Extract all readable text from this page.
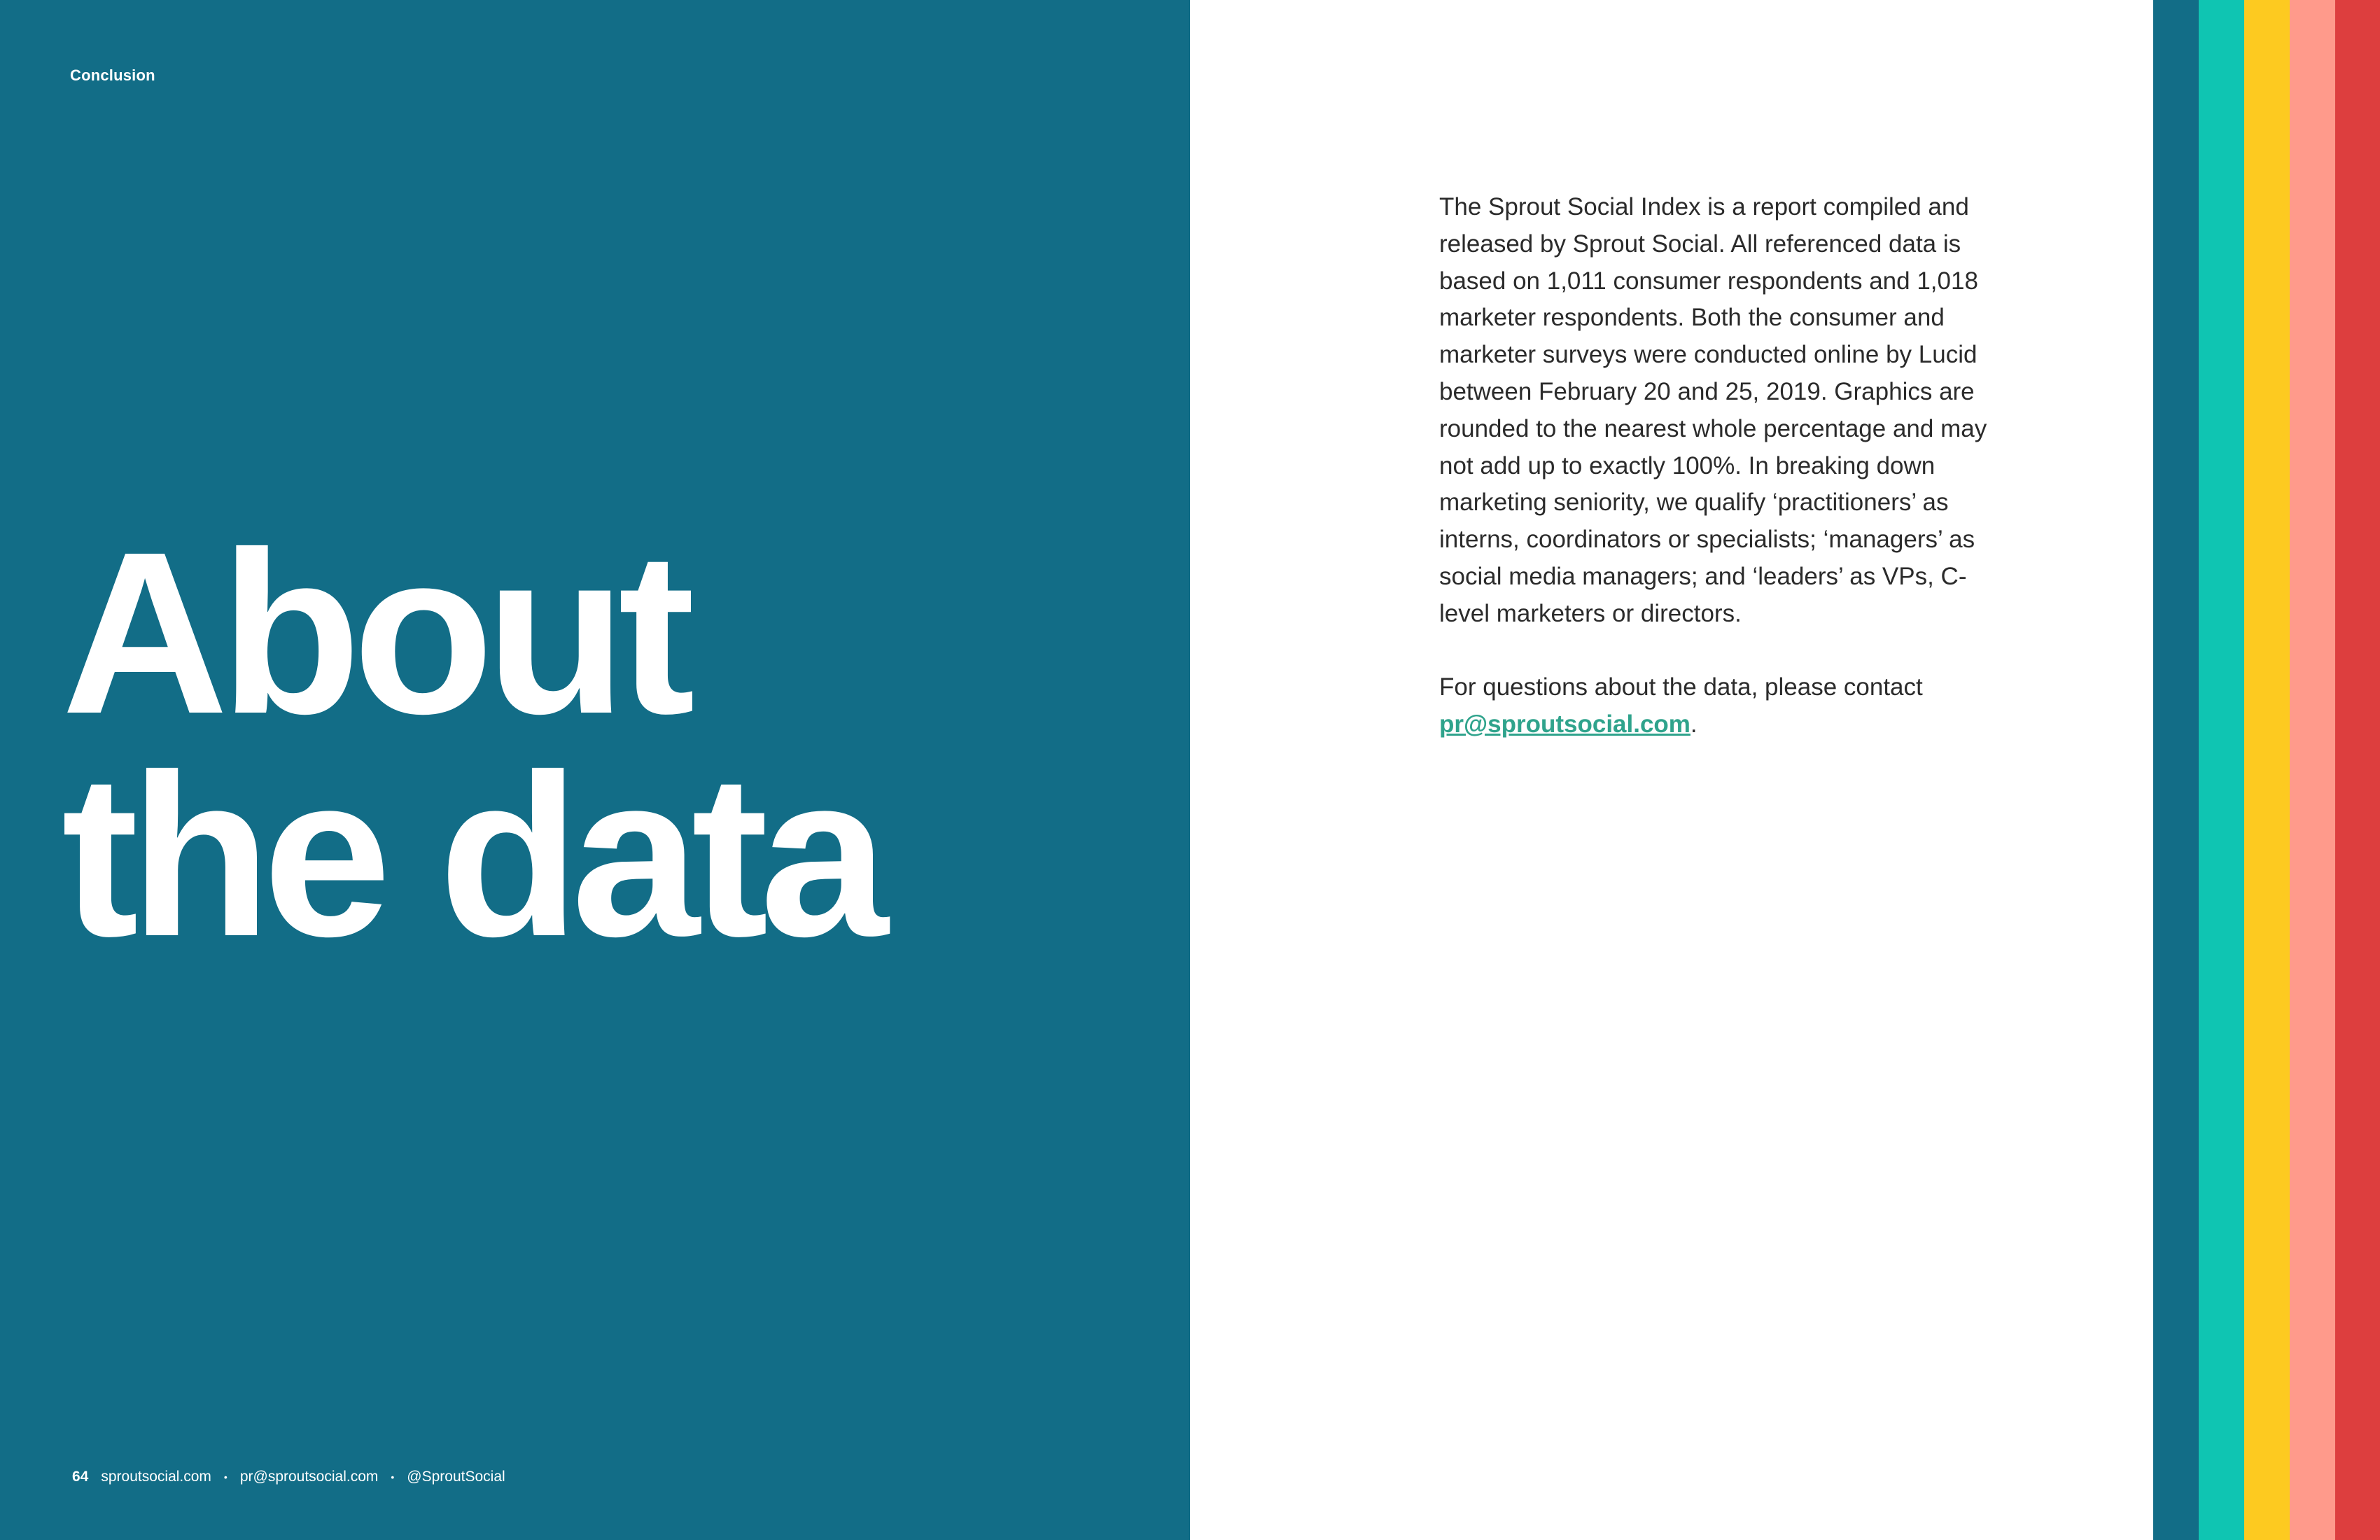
Conclusion
About
the data
64 sproutsocial.com • pr@sproutsocial.com • @SproutSocial

The Sprout Social Index is a report compiled and released by Sprout Social. All referenced data is based on 1,011 consumer respondents and 1,018 marketer respondents. Both the consumer and marketer surveys were conducted online by Lucid between February 20 and 25, 2019. Graphics are rounded to the nearest whole percentage and may not add up to exactly 100%. In breaking down marketing seniority, we qualify ‘practitioners’ as interns, coordinators or specialists; ‘managers’ as social media managers; and ‘leaders’ as VPs, C-level marketers or directors.

For questions about the data, please contact
pr@sproutsocial.com.
